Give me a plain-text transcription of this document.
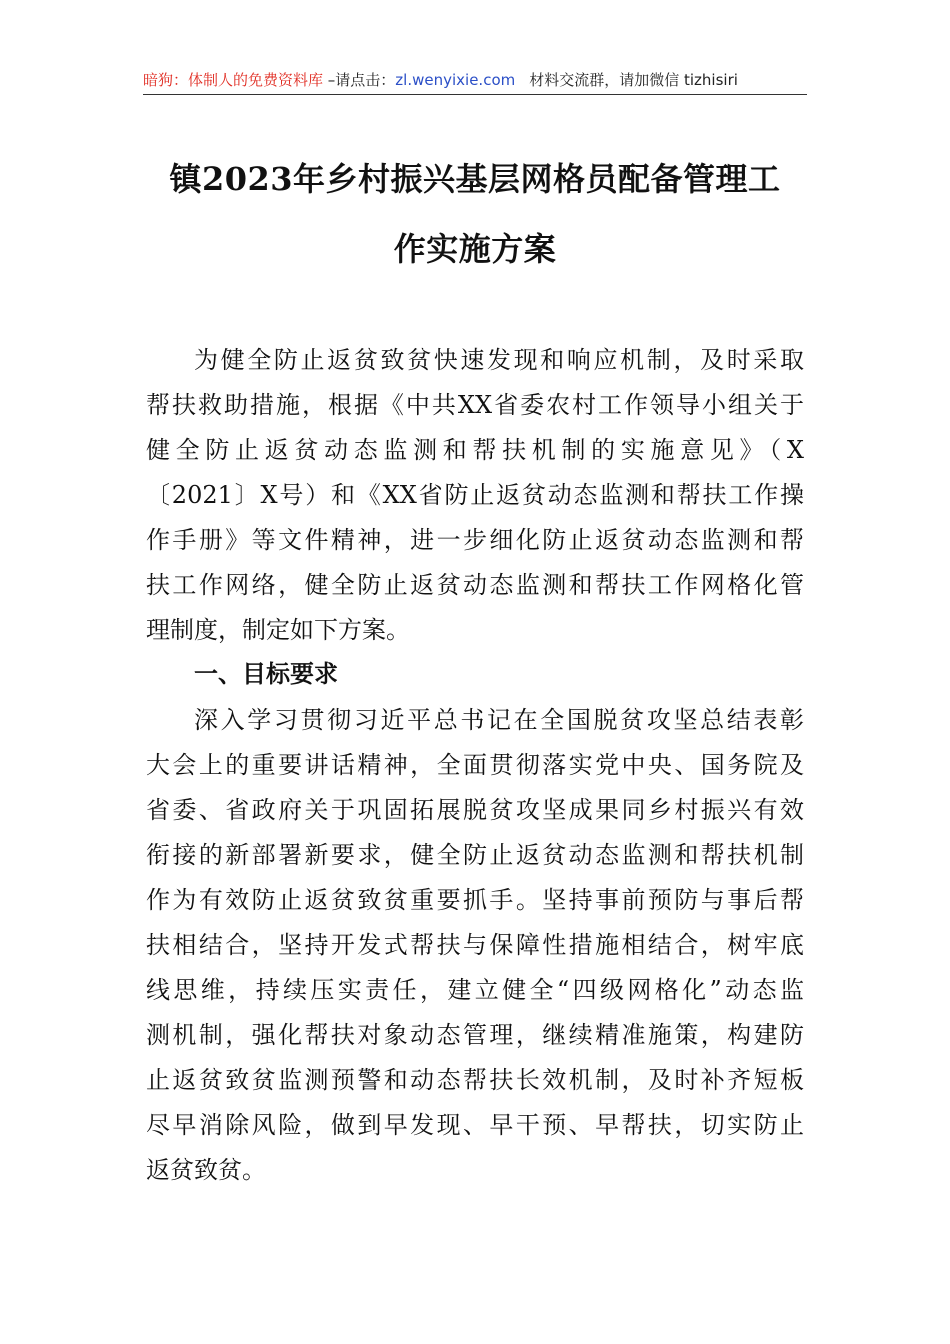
暗狗：体制人的免费资料库 –请点击：zl.wenyixie.com 材料交流群，请加微信 tizhisiri
镇2023年乡村振兴基层网格员配备管理工
作实施方案
为健全防止返贫致贫快速发现和响应机制，及时采取
帮扶救助措施，根据《中共XX省委农村工作领导小组关于
健全防止返贫动态监测和帮扶机制的实施意见》（X
〔2021〕X号）和《XX省防止返贫动态监测和帮扶工作操
作手册》等文件精神，进一步细化防止返贫动态监测和帮
扶工作网络，健全防止返贫动态监测和帮扶工作网格化管
理制度，制定如下方案。
一、目标要求
深入学习贯彻习近平总书记在全国脱贫攻坚总结表彰
大会上的重要讲话精神，全面贯彻落实党中央、国务院及
省委、省政府关于巩固拓展脱贫攻坚成果同乡村振兴有效
衔接的新部署新要求，健全防止返贫动态监测和帮扶机制
作为有效防止返贫致贫重要抓手。坚持事前预防与事后帮
扶相结合，坚持开发式帮扶与保障性措施相结合，树牢底
线思维，持续压实责任，建立健全“四级网格化”动态监
测机制，强化帮扶对象动态管理，继续精准施策，构建防
止返贫致贫监测预警和动态帮扶长效机制，及时补齐短板
尽早消除风险，做到早发现、早干预、早帮扶，切实防止
返贫致贫。
